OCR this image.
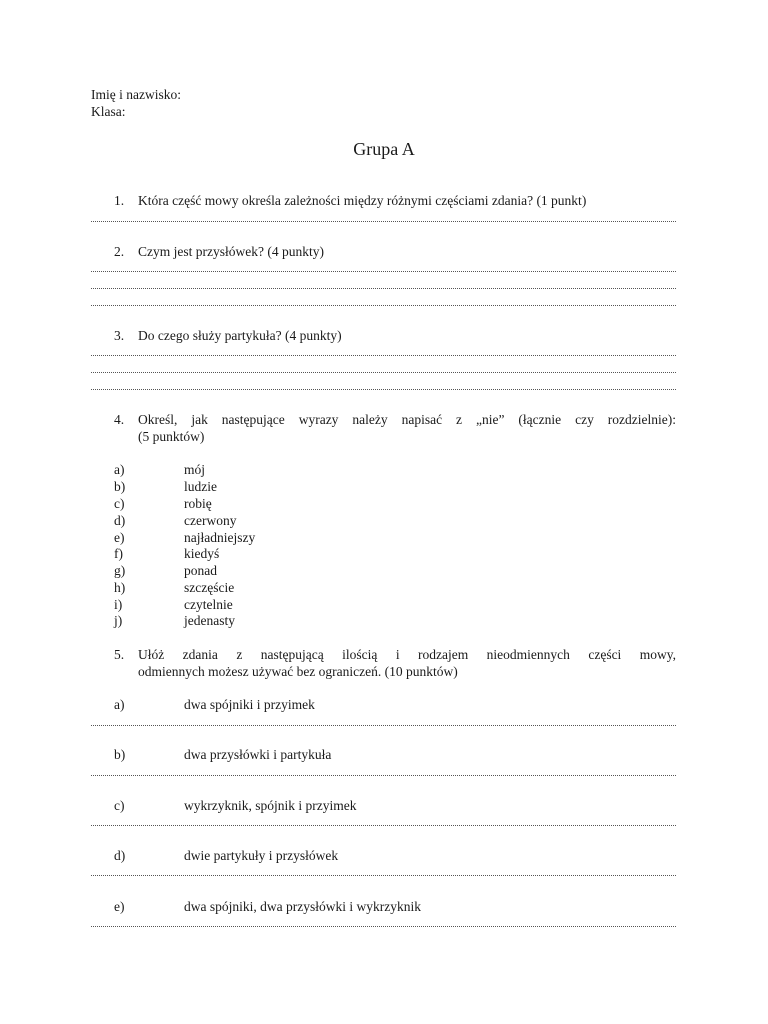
Imię i nazwisko:
Klasa:
Grupa A
1. Która część mowy określa zależności między różnymi częściami zdania? (1 punkt)
2. Czym jest przysłówek? (4 punkty)
3. Do czego służy partykuła? (4 punkty)
4. Określ, jak następujące wyrazy należy napisać z „nie” (łącznie czy rozdzielnie):
(5 punktów)
a)	mój
b)	ludzie
c)	robię
d)	czerwony
e)	najładniejszy
f)	kiedyś
g)	ponad
h)	szczęście
i)	czytelnie
j)	jedenasty
5. Ułóż zdania z następującą ilością i rodzajem nieodmiennych części mowy,
odmiennych możesz używać bez ograniczeń. (10 punktów)
a)	dwa spójniki i przyimek
b)	dwa przysłówki i partykuła
c)	wykrzyknik, spójnik i przyimek
d)	dwie partykuły i przysłówek
e)	dwa spójniki, dwa przysłówki i wykrzyknik
